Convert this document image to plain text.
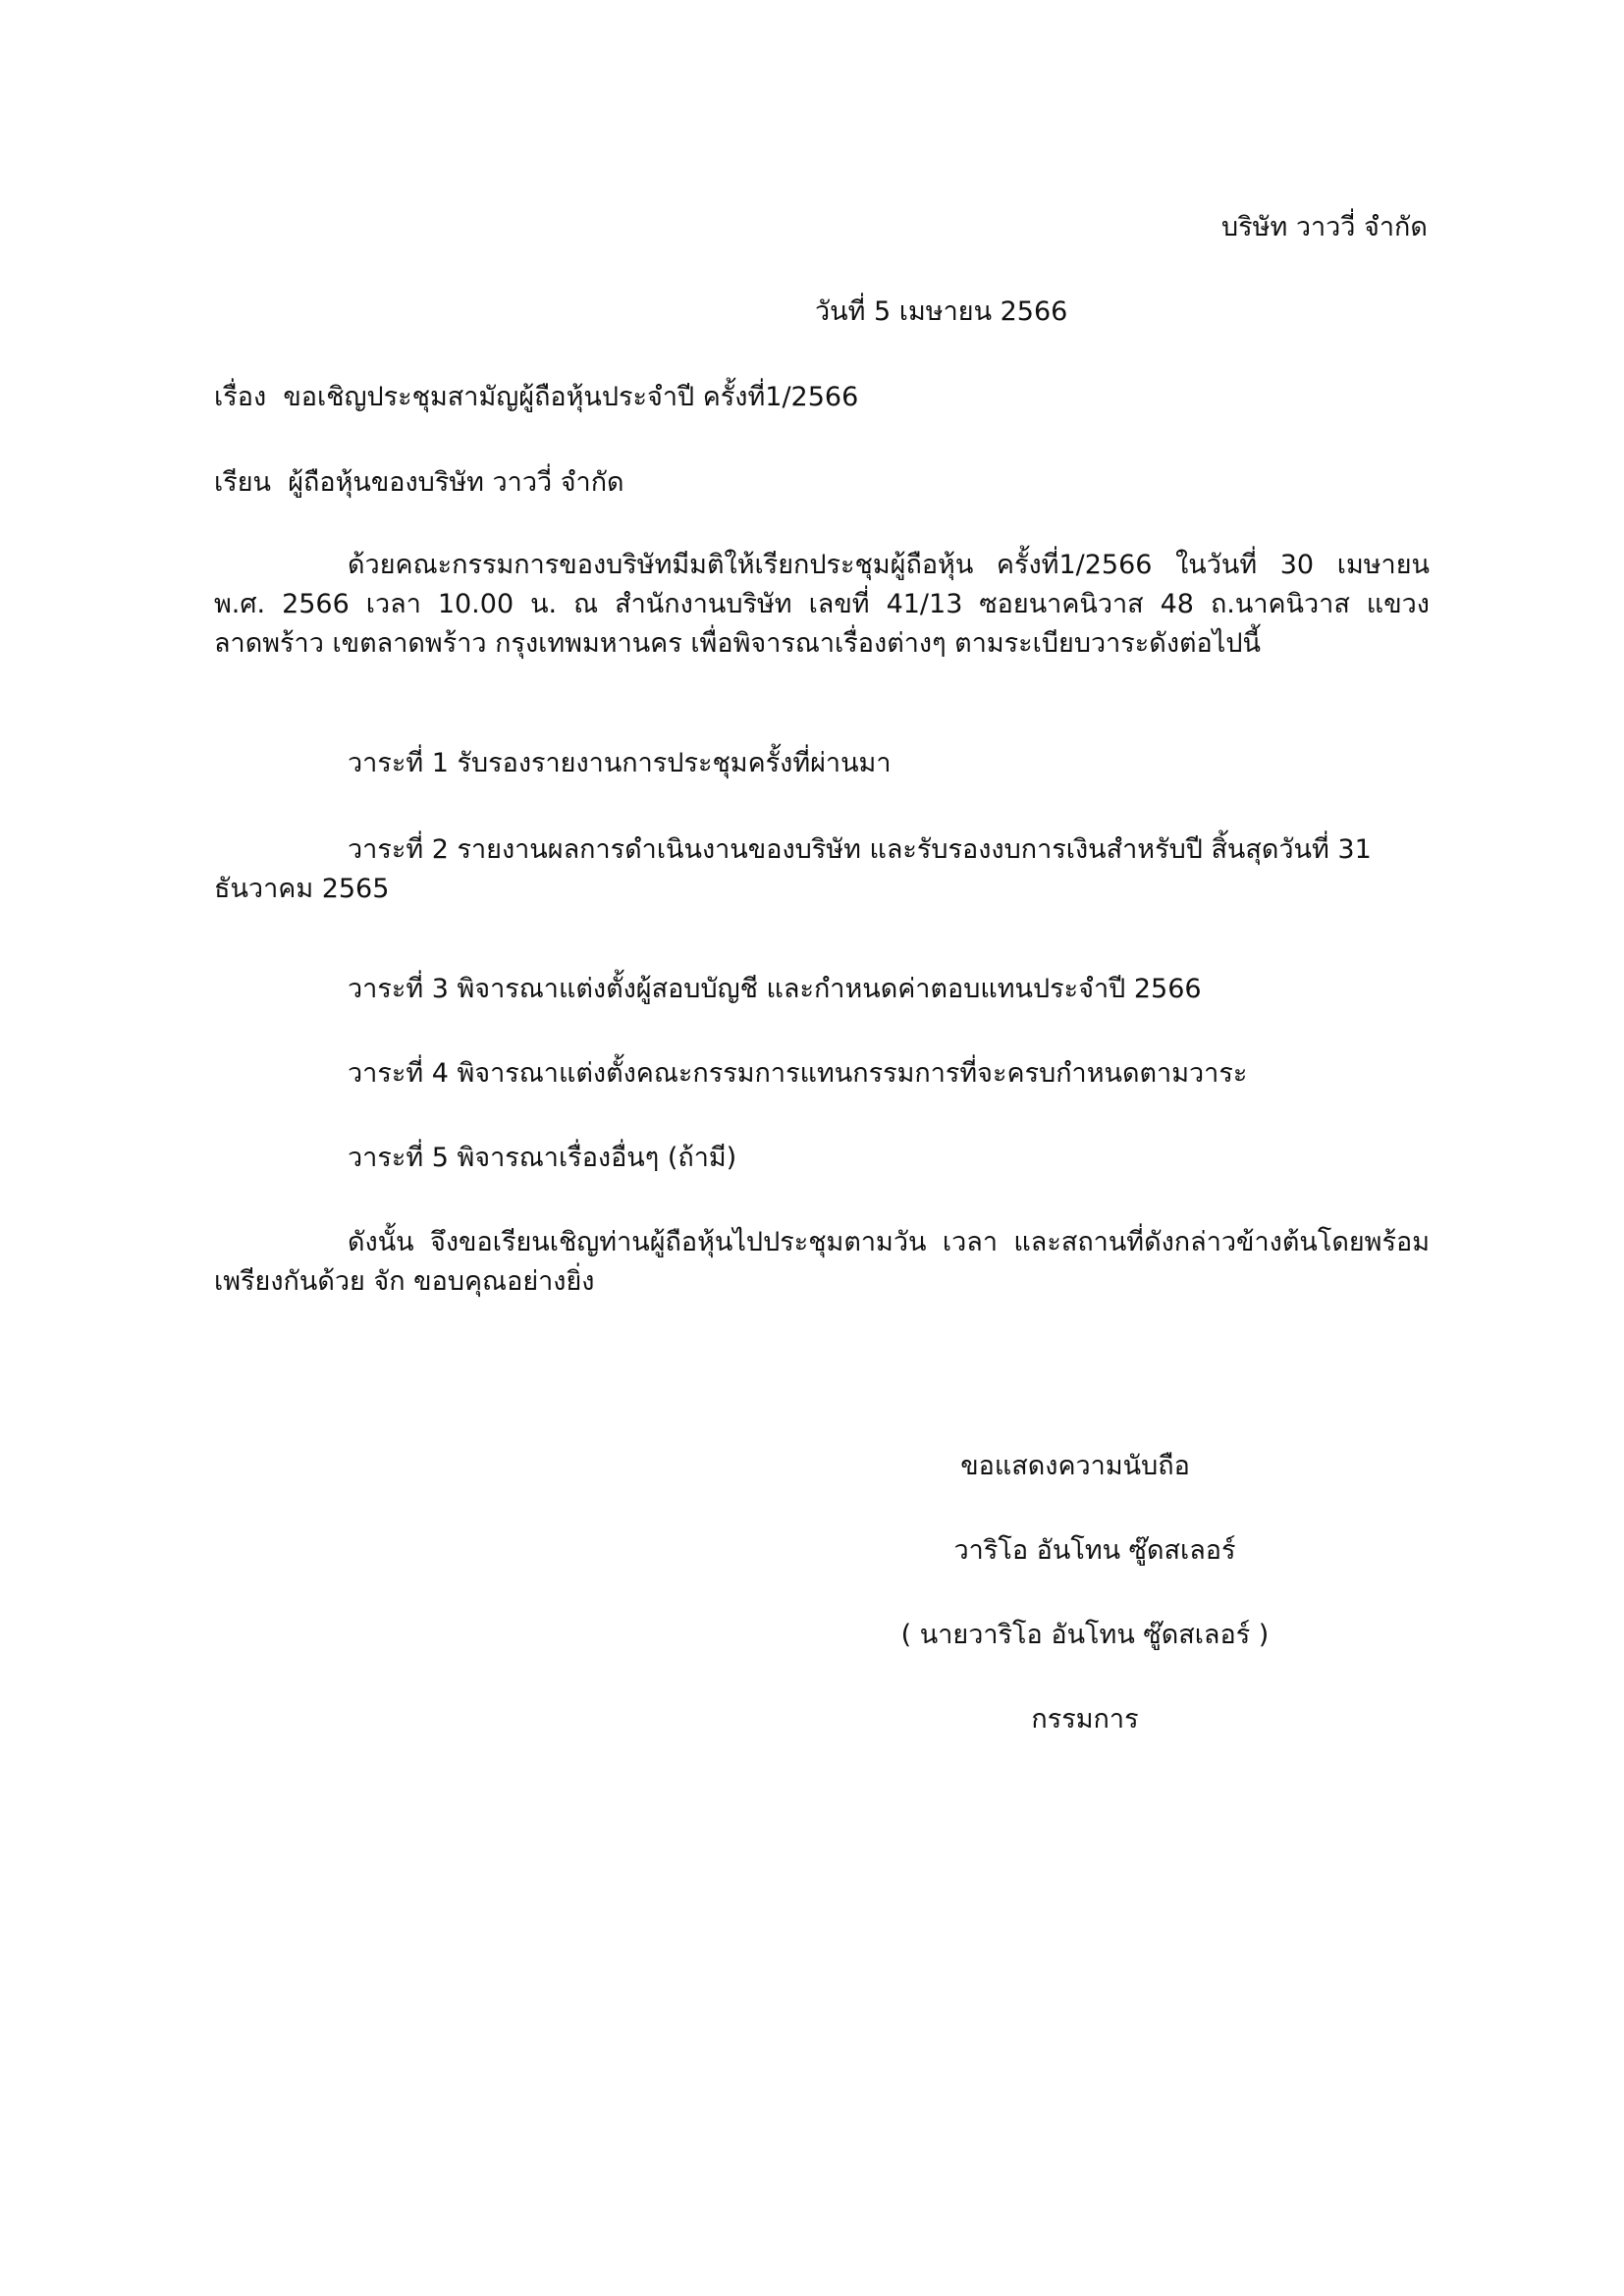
บริษัท วาววี่ จำกัด
วันที่ 5 เมษายน 2566
เรื่อง ขอเชิญประชุมสามัญผู้ถือหุ้นประจำปี ครั้งที่1/2566
เรียน ผู้ถือหุ้นของบริษัท วาววี่ จำกัด
ด้วยคณะกรรมการของบริษัทมีมติให้เรียกประชุมผู้ถือหุ้น ครั้งที่1/2566 ในวันที่ 30 เมษายน พ.ศ. 2566 เวลา 10.00 น. ณ สำนักงานบริษัท เลขที่ 41/13 ซอยนาคนิวาส 48 ถ.นาคนิวาส แขวงลาดพร้าว เขตลาดพร้าว กรุงเทพมหานคร เพื่อพิจารณาเรื่องต่างๆ ตามระเบียบวาระดังต่อไปนี้
วาระที่ 1 รับรองรายงานการประชุมครั้งที่ผ่านมา
วาระที่ 2 รายงานผลการดำเนินงานของบริษัท และรับรองงบการเงินสำหรับปี สิ้นสุดวันที่ 31 ธันวาคม 2565
วาระที่ 3 พิจารณาแต่งตั้งผู้สอบบัญชี และกำหนดค่าตอบแทนประจำปี 2566
วาระที่ 4 พิจารณาแต่งตั้งคณะกรรมการแทนกรรมการที่จะครบกำหนดตามวาระ
วาระที่ 5 พิจารณาเรื่องอื่นๆ (ถ้ามี)
ดังนั้น จึงขอเรียนเชิญท่านผู้ถือหุ้นไปประชุมตามวัน เวลา และสถานที่ดังกล่าวข้างต้นโดยพร้อมเพรียงกันด้วย จัก ขอบคุณอย่างยิ่ง
ขอแสดงความนับถือ
วาริโอ อันโทน ซู๊ดสเลอร์
( นายวาริโอ อันโทน ซู๊ดสเลอร์ )
กรรมการ
